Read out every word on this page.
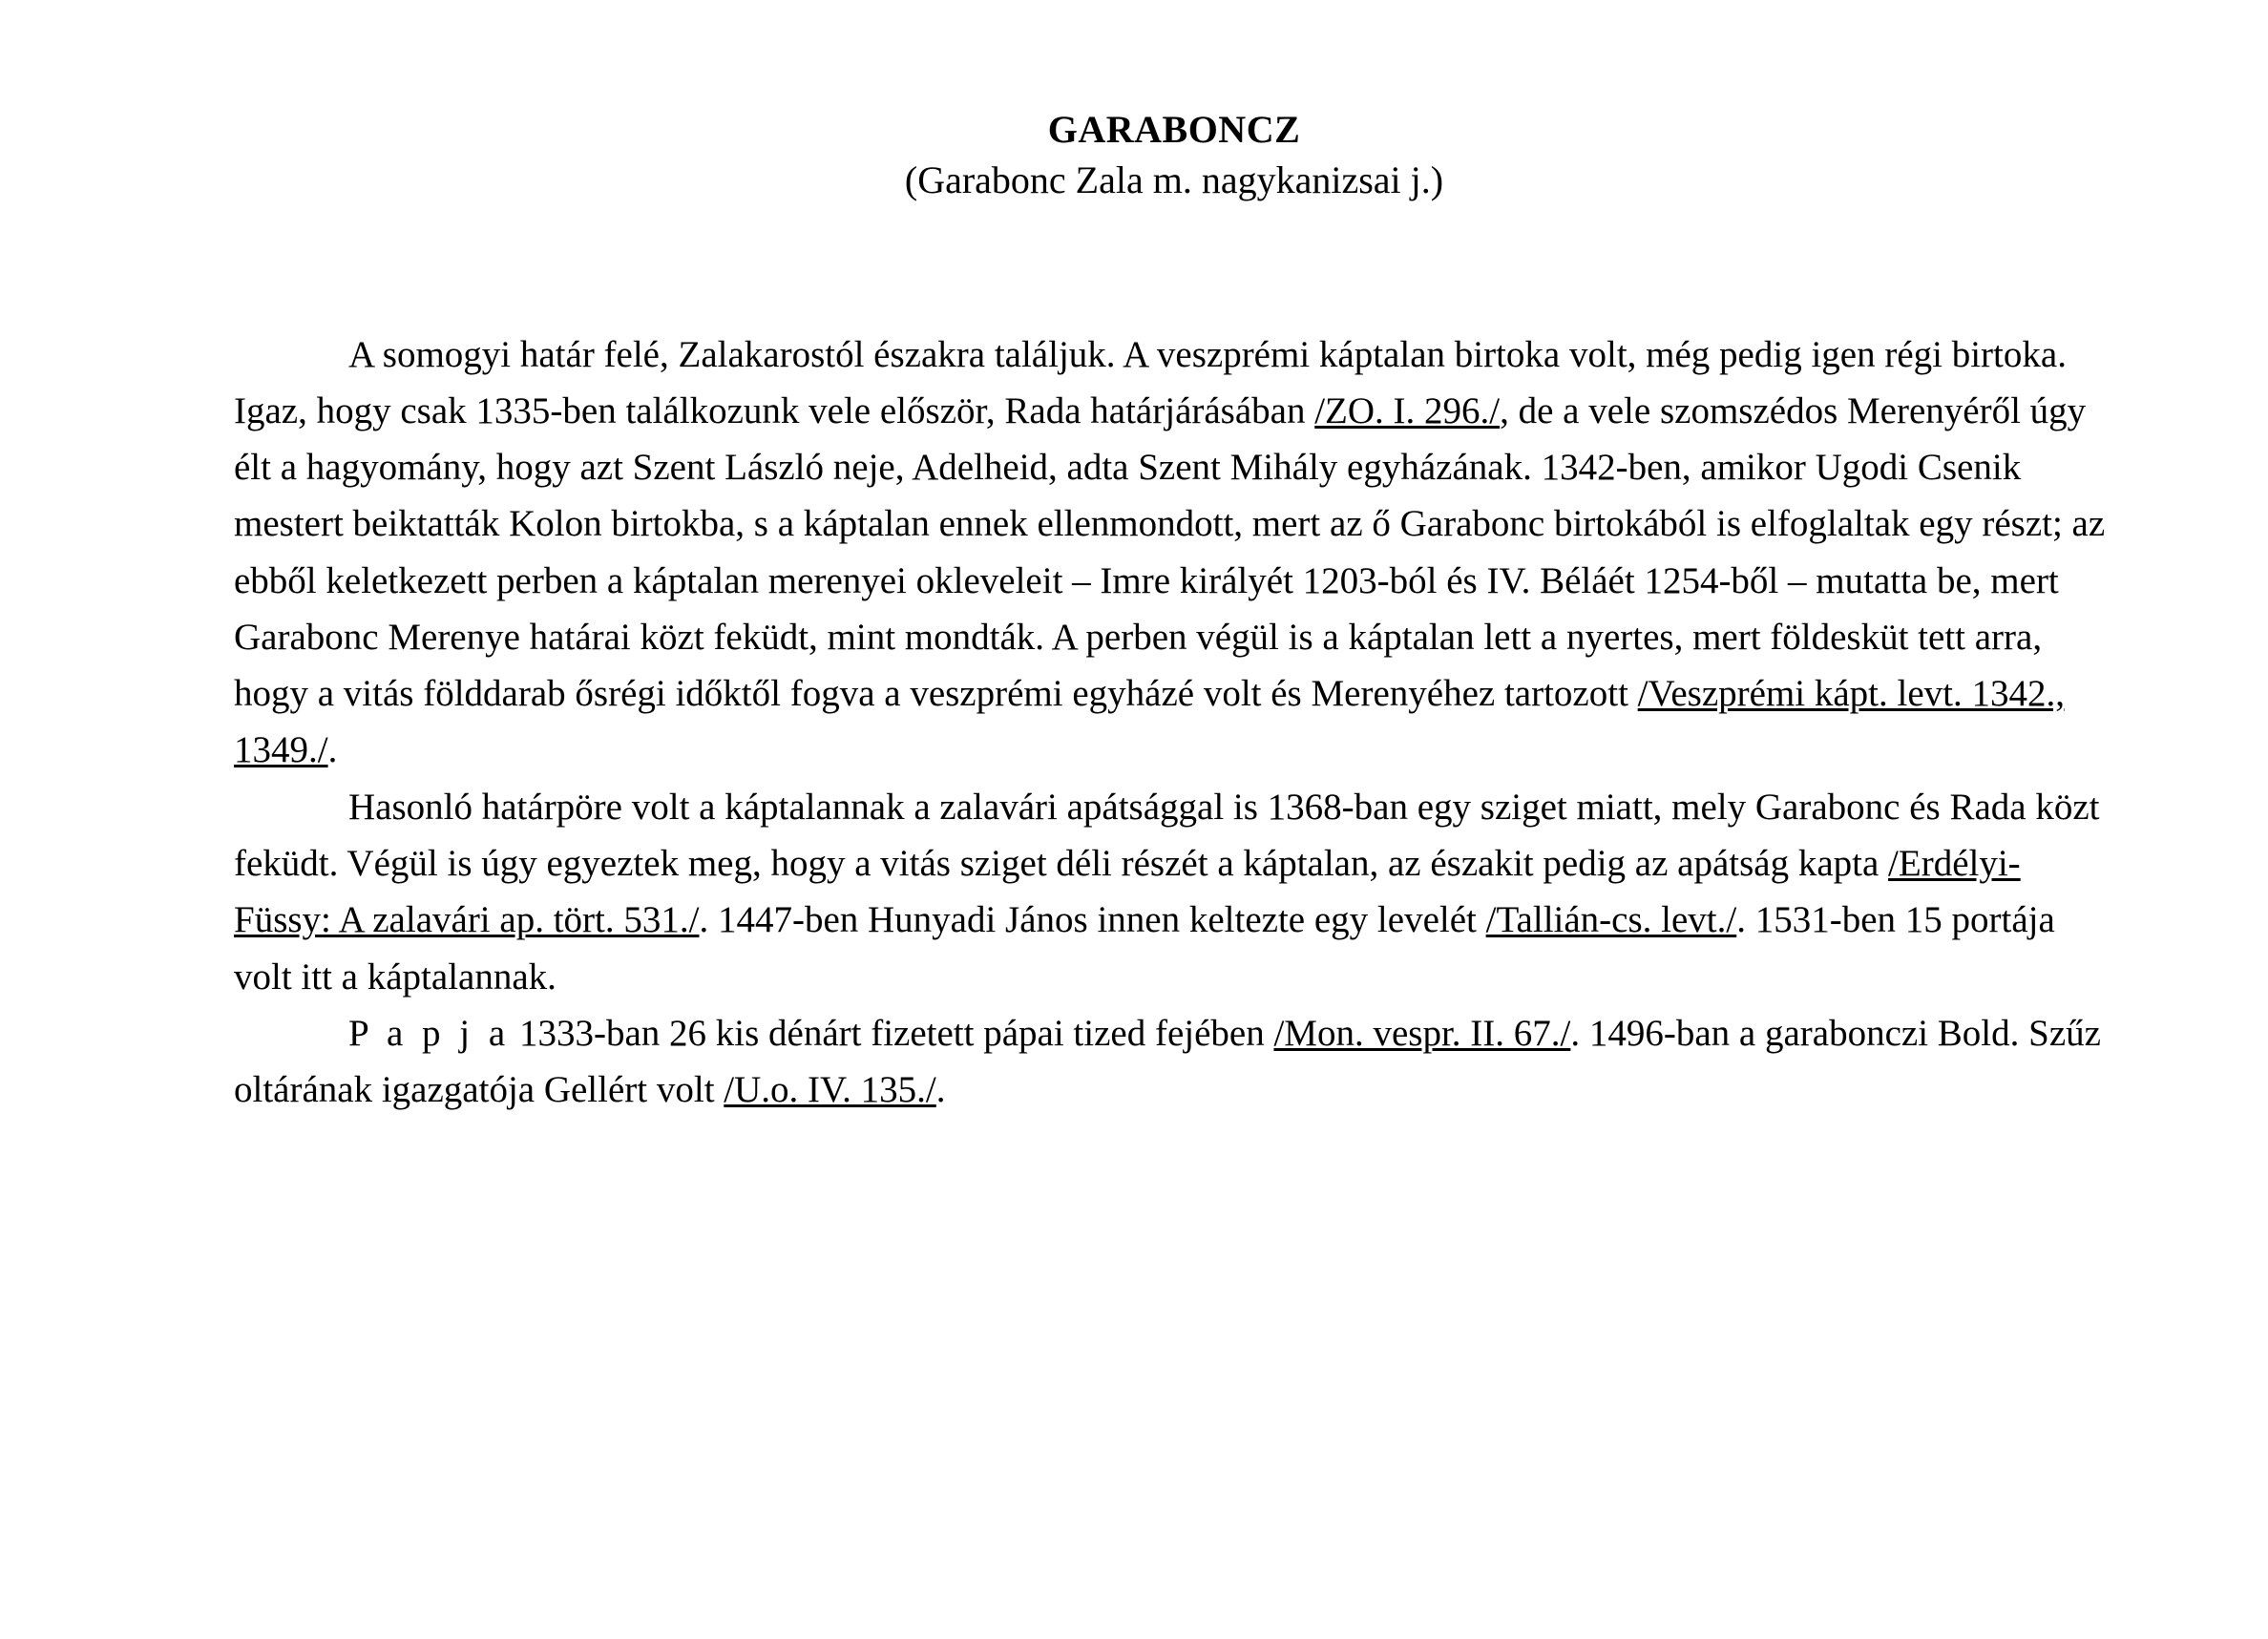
GARABONCZ
(Garabonc Zala m. nagykanizsai j.)

A somogyi határ felé, Zalakarostól északra találjuk. A veszprémi káptalan birtoka volt, még pedig igen régi birtoka. Igaz, hogy csak 1335-ben találkozunk vele először, Rada határjárásában /ZO. I. 296./, de a vele szomszédos Merenyéről úgy élt a hagyomány, hogy azt Szent László neje, Adelheid, adta Szent Mihály egyházának. 1342-ben, amikor Ugodi Csenik mestert beiktatták Kolon birtokba, s a káptalan ennek ellenmondott, mert az ő Garabonc birtokából is elfoglaltak egy részt; az ebből keletkezett perben a káptalan merenyei okleveleit – Imre királyét 1203-ból és IV. Béláét 1254-ből – mutatta be, mert Garabonc Merenye határai közt feküdt, mint mondták. A perben végül is a káptalan lett a nyertes, mert földesküt tett arra, hogy a vitás földdarab ősrégi időktől fogva a veszprémi egyházé volt és Merenyéhez tartozott /Veszprémi kápt. levt. 1342., 1349./.

Hasonló határpöre volt a káptalannak a zalavári apátsággal is 1368-ban egy sziget miatt, mely Garabonc és Rada közt feküdt. Végül is úgy egyeztek meg, hogy a vitás sziget déli részét a káptalan, az északit pedig az apátság kapta /Erdélyi-Füssy: A zalavári ap. tört. 531./. 1447-ben Hunyadi János innen keltezte egy levelét /Tallián-cs. levt./. 1531-ben 15 portája volt itt a káptalannak.

P a p j a 1333-ban 26 kis dénárt fizetett pápai tized fejében /Mon. vespr. II. 67./. 1496-ban a garabonczi Bold. Szűz oltárának igazgatója Gellért volt /U.o. IV. 135./.
